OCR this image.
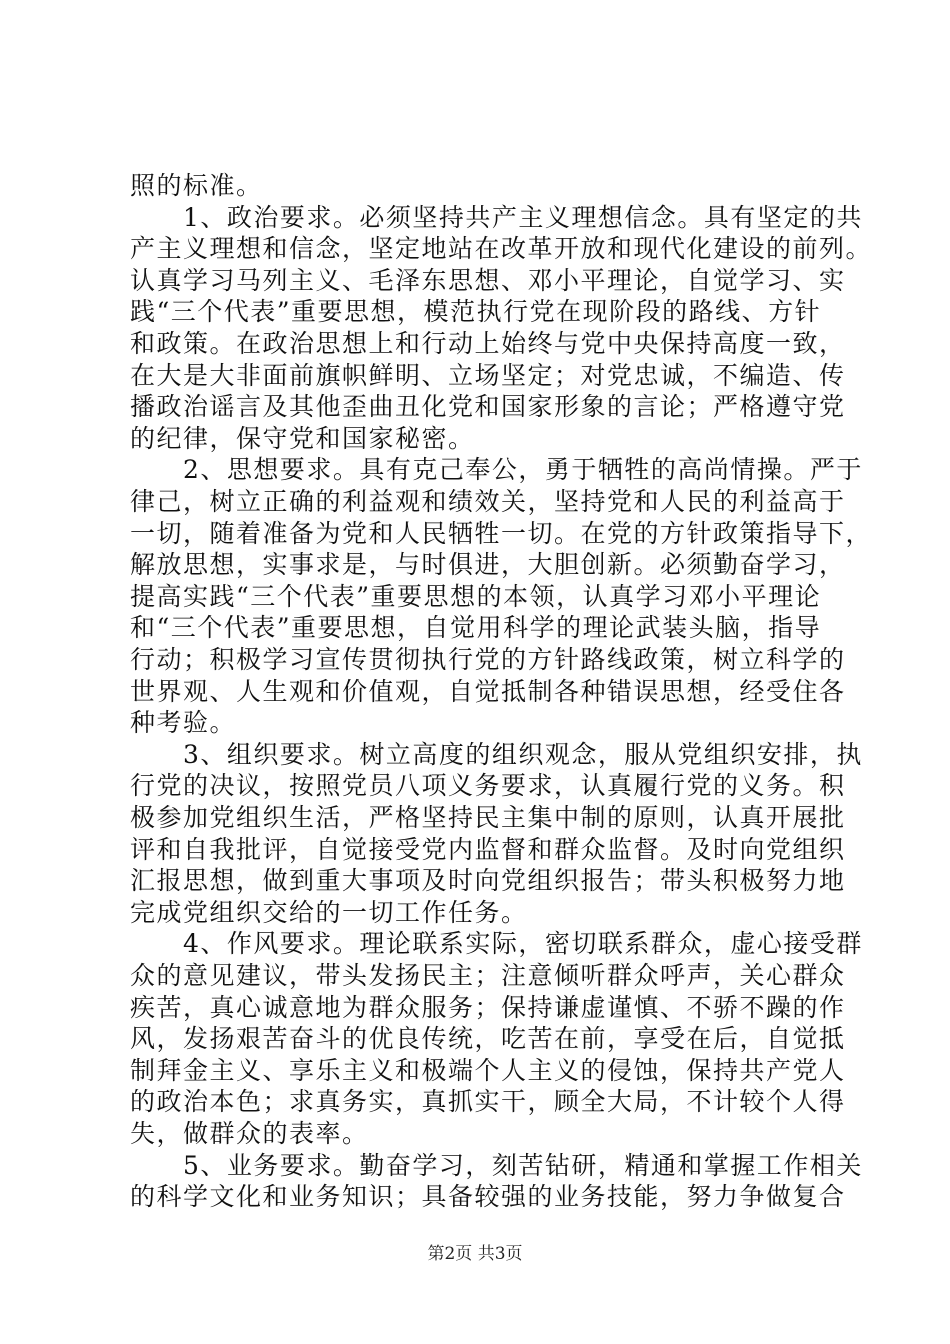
照的标准。
　　1、政治要求。必须坚持共产主义理想信念。具有坚定的共
产主义理想和信念，坚定地站在改革开放和现代化建设的前列。
认真学习马列主义、毛泽东思想、邓小平理论，自觉学习、实
践“三个代表”重要思想，模范执行党在现阶段的路线、方针
和政策。在政治思想上和行动上始终与党中央保持高度一致，
在大是大非面前旗帜鲜明、立场坚定；对党忠诚，不编造、传
播政治谣言及其他歪曲丑化党和国家形象的言论；严格遵守党
的纪律，保守党和国家秘密。
　　2、思想要求。具有克己奉公，勇于牺牲的高尚情操。严于
律己，树立正确的利益观和绩效关，坚持党和人民的利益高于
一切，随着准备为党和人民牺牲一切。在党的方针政策指导下，
解放思想，实事求是，与时俱进，大胆创新。必须勤奋学习，
提高实践“三个代表”重要思想的本领，认真学习邓小平理论
和“三个代表”重要思想，自觉用科学的理论武装头脑，指导
行动；积极学习宣传贯彻执行党的方针路线政策，树立科学的
世界观、人生观和价值观，自觉抵制各种错误思想，经受住各
种考验。
　　3、组织要求。树立高度的组织观念，服从党组织安排，执
行党的决议，按照党员八项义务要求，认真履行党的义务。积
极参加党组织生活，严格坚持民主集中制的原则，认真开展批
评和自我批评，自觉接受党内监督和群众监督。及时向党组织
汇报思想，做到重大事项及时向党组织报告；带头积极努力地
完成党组织交给的一切工作任务。
　　4、作风要求。理论联系实际，密切联系群众，虚心接受群
众的意见建议，带头发扬民主；注意倾听群众呼声，关心群众
疾苦，真心诚意地为群众服务；保持谦虚谨慎、不骄不躁的作
风，发扬艰苦奋斗的优良传统，吃苦在前，享受在后，自觉抵
制拜金主义、享乐主义和极端个人主义的侵蚀，保持共产党人
的政治本色；求真务实，真抓实干，顾全大局，不计较个人得
失，做群众的表率。
　　5、业务要求。勤奋学习，刻苦钻研，精通和掌握工作相关
的科学文化和业务知识；具备较强的业务技能，努力争做复合
第2页 共3页
